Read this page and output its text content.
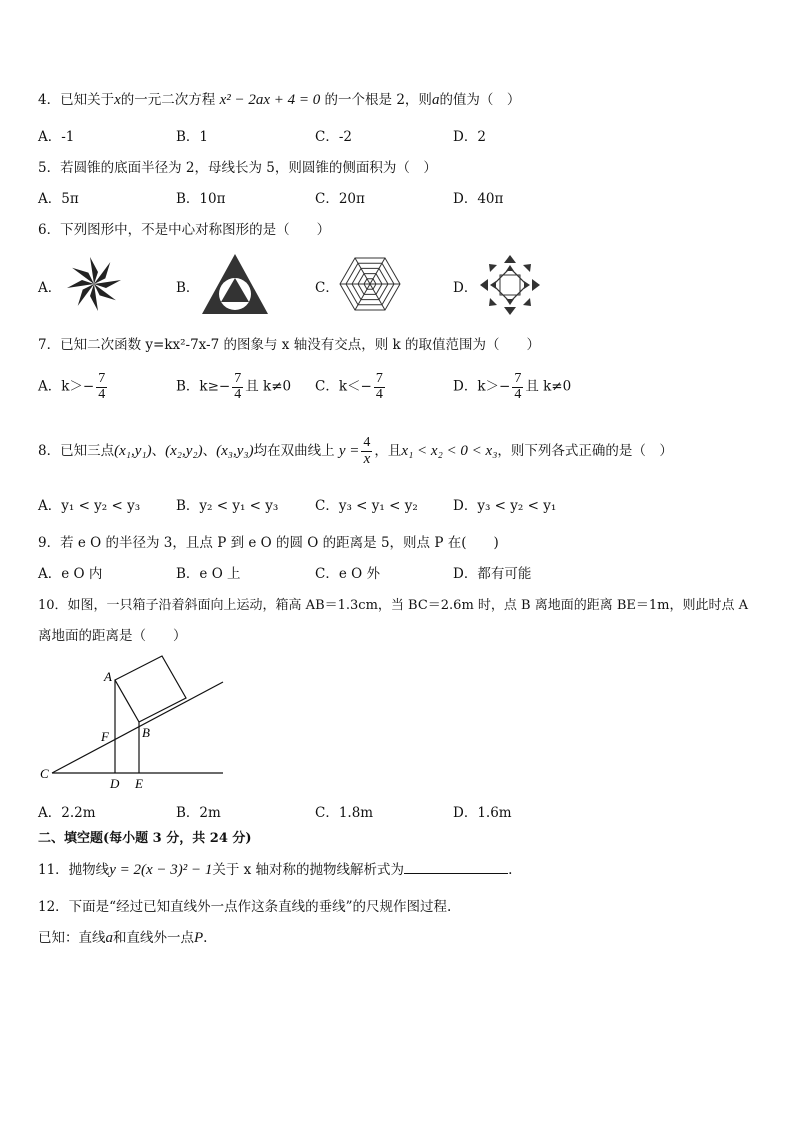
4．已知关于x的一元二次方程 x² − 2ax + 4 = 0 的一个根是 2，则a的值为（　）
A．-1	B．1	C．-2	D．2
5．若圆锥的底面半径为 2，母线长为 5，则圆锥的侧面积为（　）
A．5π	B．10π	C．20π	D．40π
6．下列图形中，不是中心对称图形的是（　　）
A．	B．	C．	D．
7．已知二次函数 y=kx²-7x-7 的图象与 x 轴没有交点，则 k 的取值范围为（　　）
A．$k>- \frac{7}{4}$	B．$k\ge- \frac{7}{4}$ 且 k≠0 C．$k<- \frac{7}{4}$	D．$k>- \frac{7}{4}$ 且 k≠0
8．已知三点(x₁,y₁)、(x₂,y₂)、(x₃,y₃)均在双曲线上 $y = \frac{4}{x}$ ，且x₁ < x₂ < 0 < x₃，则下列各式正确的是（　）
A．y₁ < y₂ < y₃	B．y₂ < y₁ < y₃	C．y₃ < y₁ < y₂	D．y₃ < y₂ < y₁
9．若 e O 的半径为 3，且点 P 到 e O 的圆 O 的距离是 5，则点 P 在(　　)
A．e O 内	B．e O 上	C．e O 外	D．都有可能
10．如图，一只箱子沿着斜面向上运动，箱高 AB＝1.3cm，当 BC＝2.6m 时，点 B 离地面的距离 BE＝1m，则此时点 A
离地面的距离是（　　）
A
B
C
D E
F
A．2.2m	B．2m	C．1.8m	D．1.6m
二、填空题(每小题 3 分，共 24 分)
11．抛物线y = 2(x − 3)² − 1关于 x 轴对称的抛物线解析式为	.
12．下面是“经过已知直线外一点作这条直线的垂线”的尺规作图过程.
已知：直线a和直线外一点P.
